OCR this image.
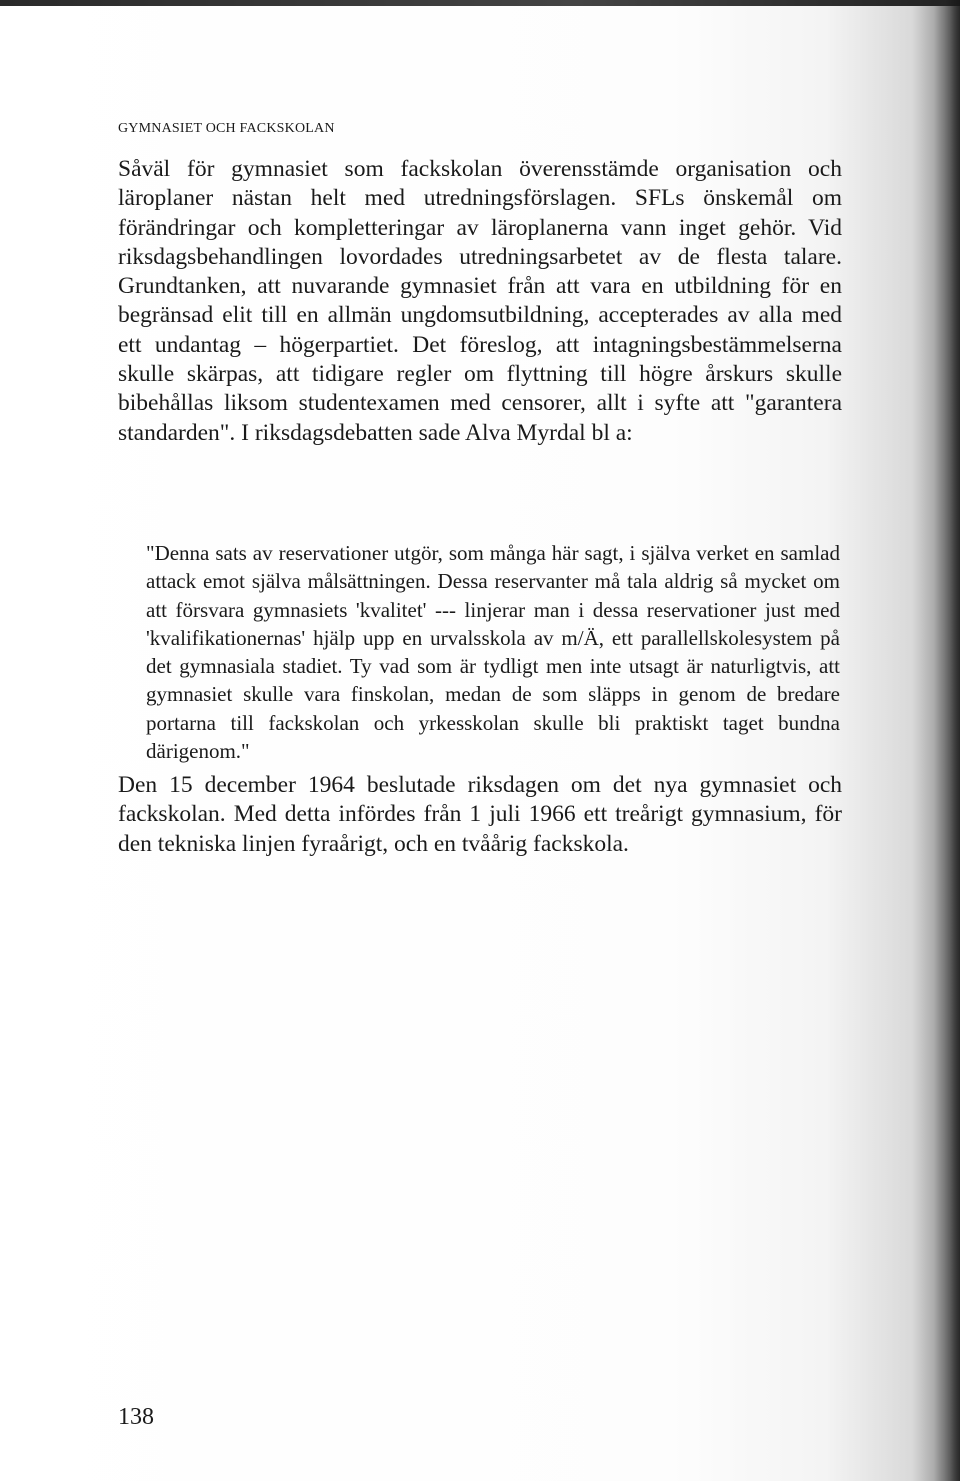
GYMNASIET OCH FACKSKOLAN

Såväl för gymnasiet som fackskolan överensstämde organisation och läroplaner nästan helt med utredningsförslagen. SFLs önskemål om förändringar och kompletteringar av läroplanerna vann inget gehör. Vid riksdagsbehandlingen lovordades utredningsarbetet av de flesta talare. Grundtanken, att nuvarande gymnasiet från att vara en utbildning för en begränsad elit till en allmän ungdomsutbildning, accepterades av alla med ett undantag – högerpartiet. Det föreslog, att intagningsbestämmelserna skulle skärpas, att tidigare regler om flyttning till högre årskurs skulle bibehållas liksom studentexamen med censorer, allt i syfte att "garantera standarden". I riksdagsdebatten sade Alva Myrdal bl a:

"Denna sats av reservationer utgör, som många här sagt, i själva verket en samlad attack emot själva målsättningen. Dessa reservanter må tala aldrig så mycket om att försvara gymnasiets 'kvalitet' --- linjerar man i dessa reservationer just med 'kvalifikationernas' hjälp upp en urvalsskola av m/Ä, ett parallellskolesystem på det gymnasiala stadiet. Ty vad som är tydligt men inte utsagt är naturligtvis, att gymnasiet skulle vara finskolan, medan de som släpps in genom de bredare portarna till fackskolan och yrkesskolan skulle bli praktiskt taget bundna därigenom."

Den 15 december 1964 beslutade riksdagen om det nya gymnasiet och fackskolan. Med detta infördes från 1 juli 1966 ett treårigt gymnasium, för den tekniska linjen fyraårigt, och en tvåårig fackskola.

138
